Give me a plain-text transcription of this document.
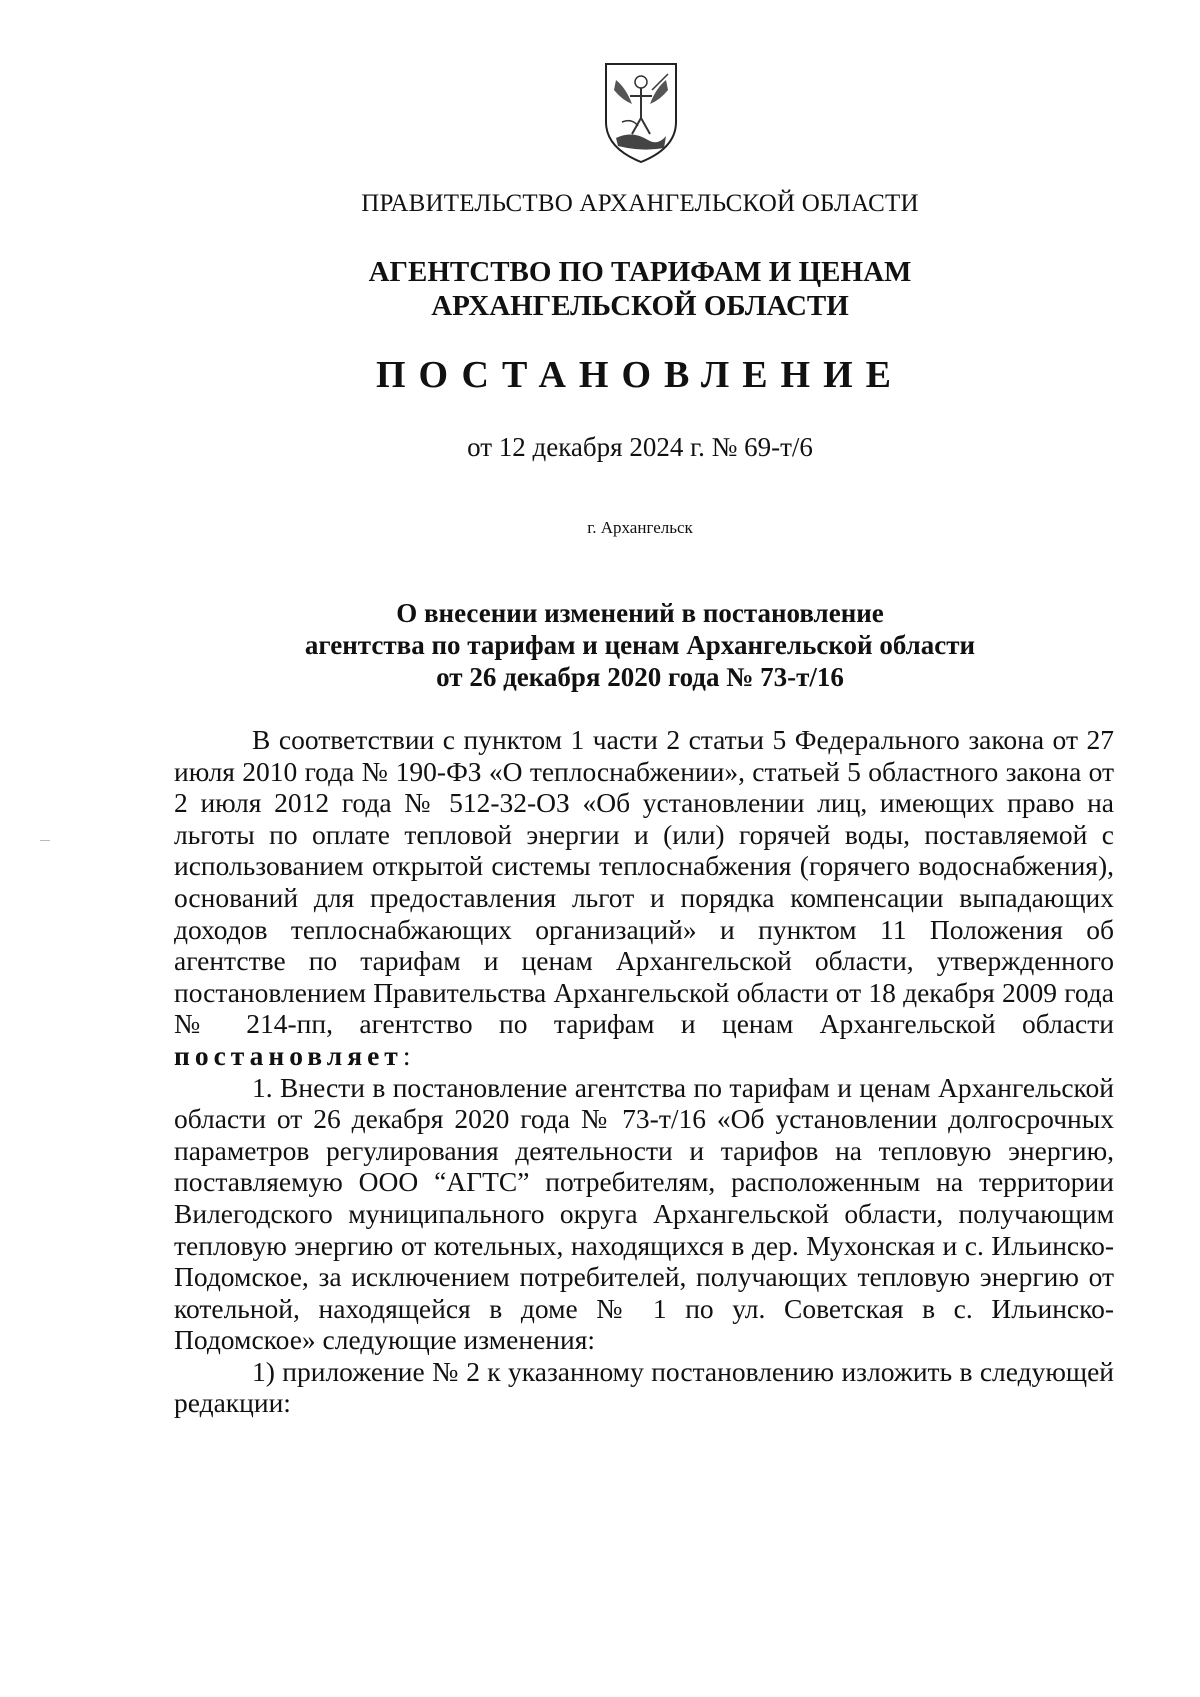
ПРАВИТЕЛЬСТВО АРХАНГЕЛЬСКОЙ ОБЛАСТИ
АГЕНТСТВО ПО ТАРИФАМ И ЦЕНАМ
АРХАНГЕЛЬСКОЙ ОБЛАСТИ
ПОСТАНОВЛЕНИЕ
от 12 декабря 2024 г. № 69-т/6
г. Архангельск
О внесении изменений в постановление
агентства по тарифам и ценам Архангельской области
от 26 декабря 2020 года № 73-т/16

В соответствии с пунктом 1 части 2 статьи 5 Федерального закона от 27 июля 2010 года № 190-ФЗ «О теплоснабжении», статьей 5 областного закона от 2 июля 2012 года № 512-32-ОЗ «Об установлении лиц, имеющих право на льготы по оплате тепловой энергии и (или) горячей воды, поставляемой с использованием открытой системы теплоснабжения (горячего водоснабжения), оснований для предоставления льгот и порядка компенсации выпадающих доходов теплоснабжающих организаций» и пунктом 11 Положения об агентстве по тарифам и ценам Архангельской области, утвержденного постановлением Правительства Архангельской области от 18 декабря 2009 года № 214-пп, агентство по тарифам и ценам Архангельской области постановляет:

1. Внести в постановление агентства по тарифам и ценам Архангельской области от 26 декабря 2020 года № 73-т/16 «Об установлении долгосрочных параметров регулирования деятельности и тарифов на тепловую энергию, поставляемую ООО “АГТС” потребителям, расположенным на территории Вилегодского муниципального округа Архангельской области, получающим тепловую энергию от котельных, находящихся в дер. Мухонская и с. Ильинско-Подомское, за исключением потребителей, получающих тепловую энергию от котельной, находящейся в доме № 1 по ул. Советская в с. Ильинско-Подомское» следующие изменения:

1) приложение № 2 к указанному постановлению изложить в следующей редакции:
